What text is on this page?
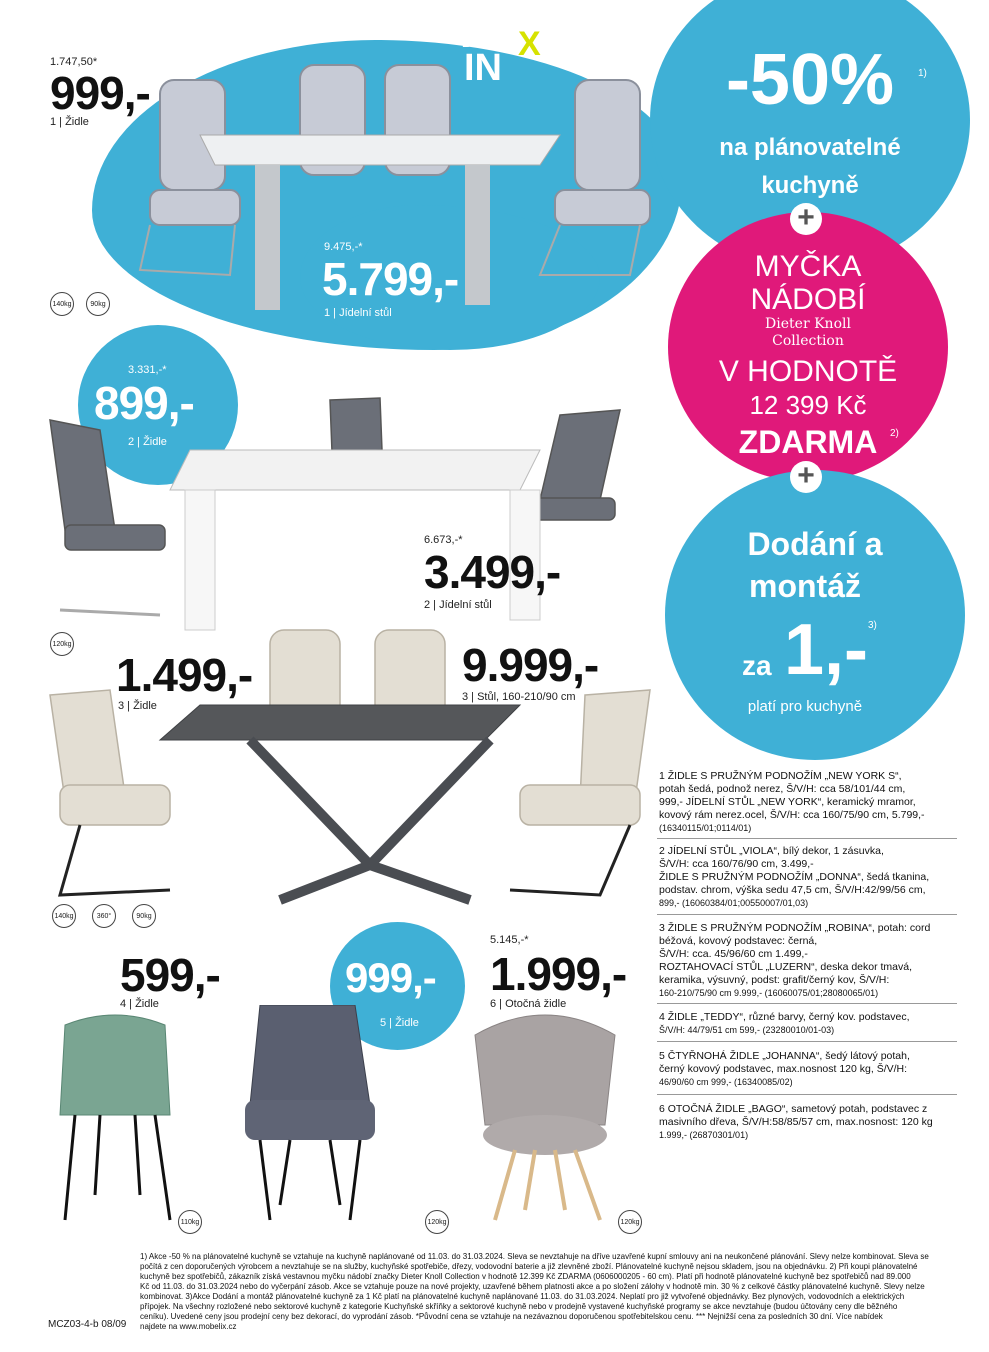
BUĎTE
IN
X
1.747,50*
999,-
1 | Židle
9.475,-*
5.799,-
1 | Jídelní stůl
140kg	90kg
-50%	1)
na plánovatelné
kuchyně
MYČKA
NÁDOBÍ
Dieter Knoll
Collection
V HODNOTĚ
12 399 Kč
ZDARMA	2)
Dodání a
montáž
za 1,- 3)
platí pro kuchyně
+
+
3.331,-*
899,-
2 | Židle
6.673,-*
3.499,-
2 | Jídelní stůl
120kg
1.499,-
3 | Židle
9.999,-
3 | Stůl, 160-210/90 cm
140kg	360°	90kg
599,-
4 | Židle
999,-
5 | Židle
5.145,-*
1.999,-
6 | Otočná židle
110kg	120kg	120kg
1 ŽIDLE S PRUŽNÝM PODNOŽÍM „NEW YORK S“,
potah šedá, podnož nerez, Š/V/H: cca 58/101/44 cm,
999,- JÍDELNÍ STŮL „NEW YORK“, keramický mramor,
kovový rám nerez.ocel, Š/V/H: cca 160/75/90 cm, 5.799,-
(16340115/01;0114/01)
2 JÍDELNÍ STŮL „VIOLA“, bílý dekor, 1 zásuvka,
Š/V/H: cca 160/76/90 cm, 3.499,-
ŽIDLE S PRUŽNÝM PODNOŽÍM „DONNA“, šedá tkanina,
podstav. chrom, výška sedu 47,5 cm, Š/V/H:42/99/56 cm,
899,- (16060384/01;00550007/01,03)
3 ŽIDLE S PRUŽNÝM PODNOŽÍM „ROBINA“, potah: cord
béžová, kovový podstavec: černá,
Š/V/H: cca. 45/96/60 cm 1.499,-
ROZTAHOVACÍ STŮL „LUZERN“, deska dekor tmavá,
keramika, výsuvný, podst: grafit/černý kov, Š/V/H:
160-210/75/90 cm 9.999,- (16060075/01;28080065/01)
4 ŽIDLE „TEDDY“, různé barvy, černý kov. podstavec,
Š/V/H: 44/79/51 cm 599,- (23280010/01-03)
5 ČTYŘNOHÁ ŽIDLE „JOHANNA“, šedý látový potah,
černý kovový podstavec, max.nosnost 120 kg, Š/V/H:
46/90/60 cm 999,- (16340085/02)
6 OTOČNÁ ŽIDLE „BAGO“, sametový potah, podstavec z
masivního dřeva, Š/V/H:58/85/57 cm, max.nosnost: 120 kg
1.999,- (26870301/01)
1) Akce -50 % na plánovatelné kuchyně se vztahuje na kuchyně naplánované od 11.03. do 31.03.2024. Sleva se nevztahuje na dříve uzavřené kupní smlouvy ani na neukončené plánování. Slevy nelze kombinovat. Sleva se
počítá z cen doporučených výrobcem a nevztahuje se na služby, kuchyňské spotřebiče, dřezy, vodovodní baterie a již zlevněné zboží. Plánovatelné kuchyně nejsou skladem, jsou na objednávku. 2) Při koupi plánovatelné
kuchyně bez spotřebičů, zákazník získá vestavnou myčku nádobí značky Dieter Knoll Collection v hodnotě 12.399 Kč ZDARMA (0606000205 - 60 cm). Platí při hodnotě plánovatelné kuchyně bez spotřebičů nad 89.000
Kč od 11.03. do 31.03.2024 nebo do vyčerpání zásob. Akce se vztahuje pouze na nové projekty, uzavřené během platnosti akce a po složení zálohy v hodnotě min. 30 % z celkové částky plánovatelné kuchyně. Slevy nelze
kombinovat. 3)Akce Dodání a montáž plánovatelné kuchyně za 1 Kč platí na plánovatelné kuchyně naplánované 11.03. do 31.03.2024. Neplatí pro již vytvořené objednávky. Bez plynových, vodovodních a elektrických
přípojek. Na všechny rozložené nebo sektorové kuchyně z kategorie Kuchyňské skříňky a sektorové kuchyně nebo v prodejně vystavené kuchyňské programy se akce nevztahuje (budou účtovány ceny dle běžného
ceníku). Uvedené ceny jsou prodejní ceny bez dekorací, do vyprodání zásob. *Původní cena se vztahuje na nezávaznou doporučenou spotřebitelskou cenu. *** Nejnižší cena za posledních 30 dní. Více nabídek
najdete na www.mobelix.cz
MCZ03-4-b 08/09
